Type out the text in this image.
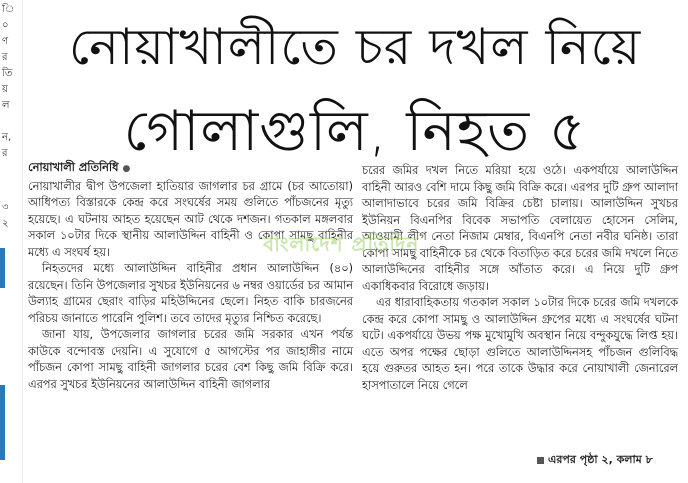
ি
০
ণ
র
তি
য়
ল
ন,
র
৩
২
নোয়াখালীতে চর দখল নিয়ে
গোলাগুলি, নিহত ৫

নোয়াখালী প্রতিনিধি ●

নোয়াখালীর দ্বীপ উপজেলা হাতিয়ার জাগলার চর গ্রামে (চর আতোয়া) আধিপত্য বিস্তারকে কেন্দ্র করে সংঘর্ষের সময় গুলিতে পাঁচজনের মৃত্যু হয়েছে। এ ঘটনায় আহত হয়েছেন আট থেকে দশজন। গতকাল মঙ্গলবার সকাল ১০টার দিকে স্থানীয় আলাউদ্দিন বাহিনী ও কোপা সামছু বাহিনীর মধ্যে এ সংঘর্ষ হয়।

নিহতদের মধ্যে আলাউদ্দিন বাহিনীর প্রধান আলাউদ্দিন (৪০) রয়েছেন। তিনি উপজেলার সুখচর ইউনিয়নের ৬ নম্বর ওয়ার্ডের চর আমান উল্যাহ গ্রামের ছেরাং বাড়ির মহিউদ্দিনের ছেলে। নিহত বাকি চারজনের পরিচয় জানাতে পারেনি পুলিশ। তবে তাদের মৃত্যুর নিশ্চিত করেছে।

জানা যায়, উপজেলার জাগলার চরের জমি সরকার এখন পর্যন্ত কাউকে বন্দোবস্ত দেয়নি। এ সুযোগে ৫ আগস্টের পর জাহাঙ্গীর নামে পাঁচজন কোপা সামছু বাহিনী জাগলার চরের বেশ কিছু জমি বিক্রি করে। এরপর সুখচর ইউনিয়নের আলাউদ্দিন বাহিনী জাগলার

চরের জমির দখল নিতে মরিয়া হয়ে ওঠে। একপর্যায়ে আলাউদ্দিন বাহিনী আরও বেশি দামে কিছু জমি বিক্রি করে। এরপর দুটি গ্রুপ আলাদা আলাদাভাবে চরের জমি বিক্রির চেষ্টা চালায়। আলাউদ্দিন সুখচর ইউনিয়ন বিএনপির বিবেক সভাপতি বেলায়েত হোসেন সেলিম, আওয়ামী লীগ নেতা নিজাম মেম্বার, বিএনপি নেতা নবীর ঘনিষ্ঠ। তারা কোপা সামছু বাহিনীকে চর থেকে বিতাড়িত করে চরের জমি দখলে নিতে আলাউদ্দিনের বাহিনীর সঙ্গে আঁতাত করে। এ নিয়ে দুটি গ্রুপ একাধিকবার বিরোধে জড়ায়।

এর ধারাবাহিকতায় গতকাল সকাল ১০টার দিকে চরের জমি দখলকে কেন্দ্র করে কোপা সামছু ও আলাউদ্দিন গ্রুপের মধ্যে এ সংঘর্ষের ঘটনা ঘটে। একপর্যায়ে উভয় পক্ষ মুখোমুখি অবস্থান নিয়ে বন্দুকযুদ্ধে লিপ্ত হয়। এতে অপর পক্ষের ছোড়া গুলিতে আলাউদ্দিনসহ পাঁচজন গুলিবিদ্ধ হয়ে গুরুতর আহত হন। পরে তাকে উদ্ধার করে নোয়াখালী জেনারেল হাসপাতালে নিয়ে গেলে

বাংলাদেশ প্রতিদিন
এরপর পৃষ্ঠা ২, কলাম ৮
